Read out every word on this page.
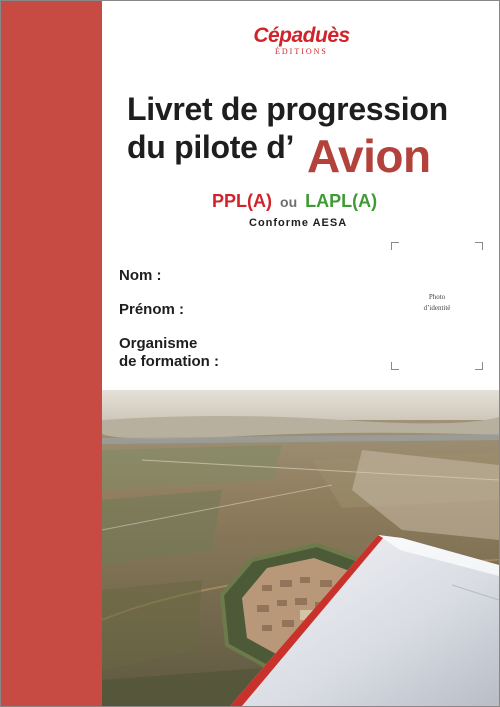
Cépaduès
ÉDITIONS
Livret de progression
du pilote d’ Avion
PPL(A) ou LAPL(A)
Conforme AESA
Nom :
Prénom :
Organisme
de formation :
Photo
d’identité
